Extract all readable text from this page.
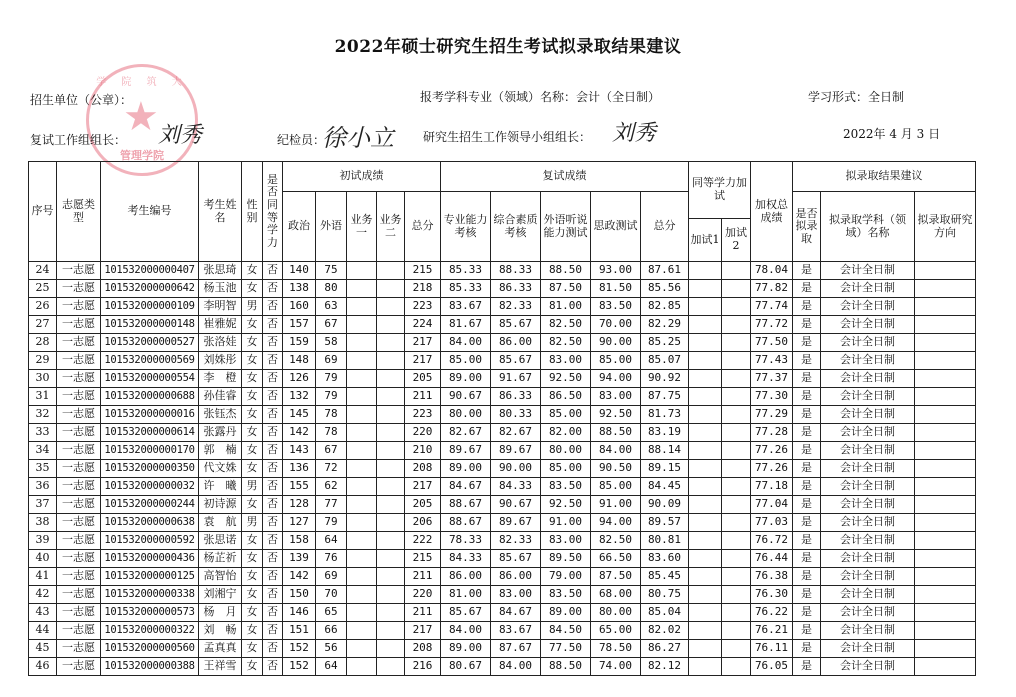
2022年硕士研究生招生考试拟录取结果建议
学 院 筑 大
★
管理学院
招生单位（公章）：	报考学科专业（领域）名称：会计（全日制）	学习形式：全日制
复试工作组组长： 刘秀	纪检员：
徐小立 研究生招生工作领导小组组长： 刘秀	2022年 4 月 3 日
序号	志愿类型	考生编号	考生姓名	性别	是否同等学力	初试成绩					复试成绩					同等学力加试		加权总成绩	拟录取结果建议		
						政治	外语	业务一	业务二	总分	专业能力考核	综合素质考核	外语听说能力测试	思政测试	总分				是否拟录取	拟录取学科（领域）名称	拟录取研究方向
																加试1	加试2				
24	一志愿	101532000000407	张思琦	女	否	140	75			215	85.33	88.33	88.50	93.00	87.61			78.04	是	会计全日制	
25	一志愿	101532000000642	杨玉池	女	否	138	80			218	85.33	86.33	87.50	81.50	85.56			77.82	是	会计全日制	
26	一志愿	101532000000109	李明智	男	否	160	63			223	83.67	82.33	81.00	83.50	82.85			77.74	是	会计全日制	
27	一志愿	101532000000148	崔雅妮	女	否	157	67			224	81.67	85.67	82.50	70.00	82.29			77.72	是	会计全日制	
28	一志愿	101532000000527	张洛娃	女	否	159	58			217	84.00	86.00	82.50	90.00	85.25			77.50	是	会计全日制	
29	一志愿	101532000000569	刘姝彤	女	否	148	69			217	85.00	85.67	83.00	85.00	85.07			77.43	是	会计全日制	
30	一志愿	101532000000554	李　橙	女	否	126	79			205	89.00	91.67	92.50	94.00	90.92			77.37	是	会计全日制	
31	一志愿	101532000000688	孙佳睿	女	否	132	79			211	90.67	86.33	86.50	83.00	87.75			77.30	是	会计全日制	
32	一志愿	101532000000016	张钰杰	女	否	145	78			223	80.00	80.33	85.00	92.50	81.73			77.29	是	会计全日制	
33	一志愿	101532000000614	张露丹	女	否	142	78			220	82.67	82.67	82.00	88.50	83.19			77.28	是	会计全日制	
34	一志愿	101532000000170	郭　楠	女	否	143	67			210	89.67	89.67	80.00	84.00	88.14			77.26	是	会计全日制	
35	一志愿	101532000000350	代文姝	女	否	136	72			208	89.00	90.00	85.00	90.50	89.15			77.26	是	会计全日制	
36	一志愿	101532000000032	许　曦	男	否	155	62			217	84.67	84.33	83.50	85.00	84.45			77.18	是	会计全日制	
37	一志愿	101532000000244	初诗源	女	否	128	77			205	88.67	90.67	92.50	91.00	90.09			77.04	是	会计全日制	
38	一志愿	101532000000638	袁　航	男	否	127	79			206	88.67	89.67	91.00	94.00	89.57			77.03	是	会计全日制	
39	一志愿	101532000000592	张思诺	女	否	158	64			222	78.33	82.33	83.00	82.50	80.81			76.72	是	会计全日制	
40	一志愿	101532000000436	杨芷祈	女	否	139	76			215	84.33	85.67	89.50	66.50	83.60			76.44	是	会计全日制	
41	一志愿	101532000000125	高智怡	女	否	142	69			211	86.00	86.00	79.00	87.50	85.45			76.38	是	会计全日制	
42	一志愿	101532000000338	刘湘宁	女	否	150	70			220	81.00	83.00	83.50	68.00	80.75			76.30	是	会计全日制	
43	一志愿	101532000000573	杨　月	女	否	146	65			211	85.67	84.67	89.00	80.00	85.04			76.22	是	会计全日制	
44	一志愿	101532000000322	刘　畅	女	否	151	66			217	84.00	83.67	84.50	65.00	82.02			76.21	是	会计全日制	
45	一志愿	101532000000560	孟真真	女	否	152	56			208	89.00	87.67	77.50	78.50	86.27			76.11	是	会计全日制	
46	一志愿	101532000000388	王祥雪	女	否	152	64			216	80.67	84.00	88.50	74.00	82.12			76.05	是	会计全日制	
